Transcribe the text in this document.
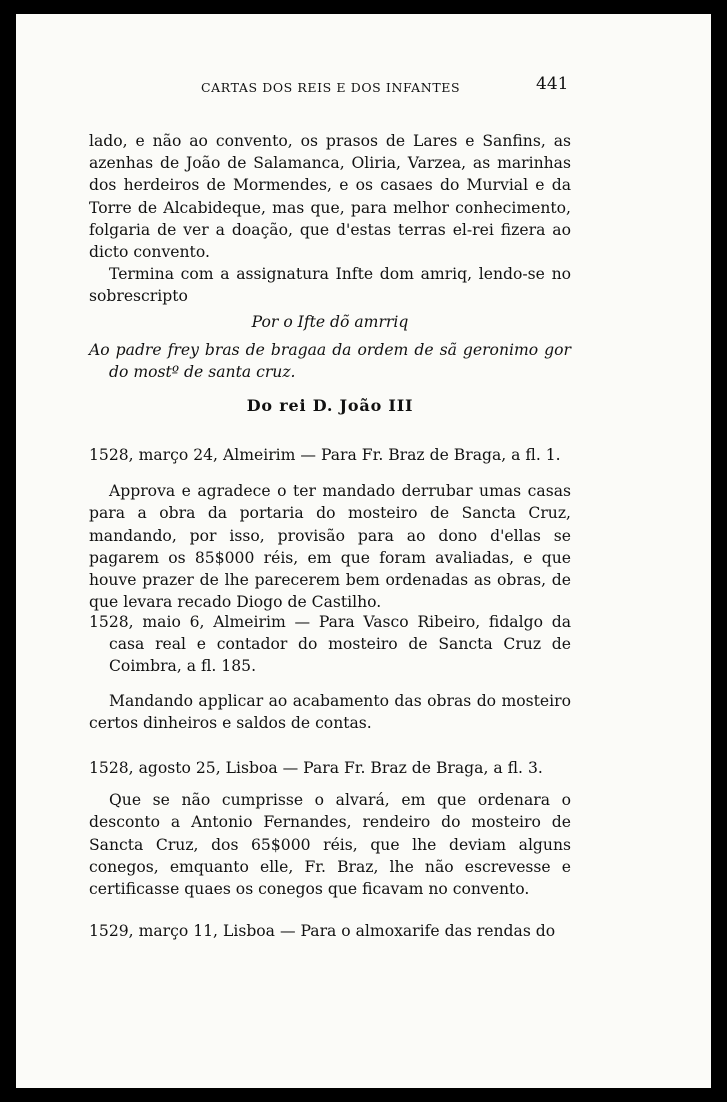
CARTAS DOS REIS E DOS INFANTES	441

lado, e não ao convento, os prasos de Lares e Sanfins, as azenhas de João de Salamanca, Oliria, Varzea, as marinhas dos herdeiros de Mormendes, e os casaes do Murvial e da Torre de Alcabideque, mas que, para melhor conhecimento, folgaria de ver a doação, que d'estas terras el-rei fizera ao dicto convento.

Termina com a assignatura Infte dom amriq, lendo-se no sobrescripto

Por o Ifte dõ amrriq

Ao padre frey bras de bragaa da ordem de sã geronimo gor do mostº de santa cruz.

Do rei D. João III

1528, março 24, Almeirim — Para Fr. Braz de Braga, a fl. 1.

Approva e agradece o ter mandado derrubar umas casas para a obra da portaria do mosteiro de Sancta Cruz, mandando, por isso, provisão para ao dono d'ellas se pagarem os 85$000 réis, em que foram avaliadas, e que houve prazer de lhe parecerem bem ordenadas as obras, de que levara recado Diogo de Castilho.

1528, maio 6, Almeirim — Para Vasco Ribeiro, fidalgo da casa real e contador do mosteiro de Sancta Cruz de Coimbra, a fl. 185.

Mandando applicar ao acabamento das obras do mosteiro certos dinheiros e saldos de contas.

1528, agosto 25, Lisboa — Para Fr. Braz de Braga, a fl. 3.

Que se não cumprisse o alvará, em que ordenara o desconto a Antonio Fernandes, rendeiro do mosteiro de Sancta Cruz, dos 65$000 réis, que lhe deviam alguns conegos, emquanto elle, Fr. Braz, lhe não escrevesse e certificasse quaes os conegos que ficavam no convento.

1529, março 11, Lisboa — Para o almoxarife das rendas do
